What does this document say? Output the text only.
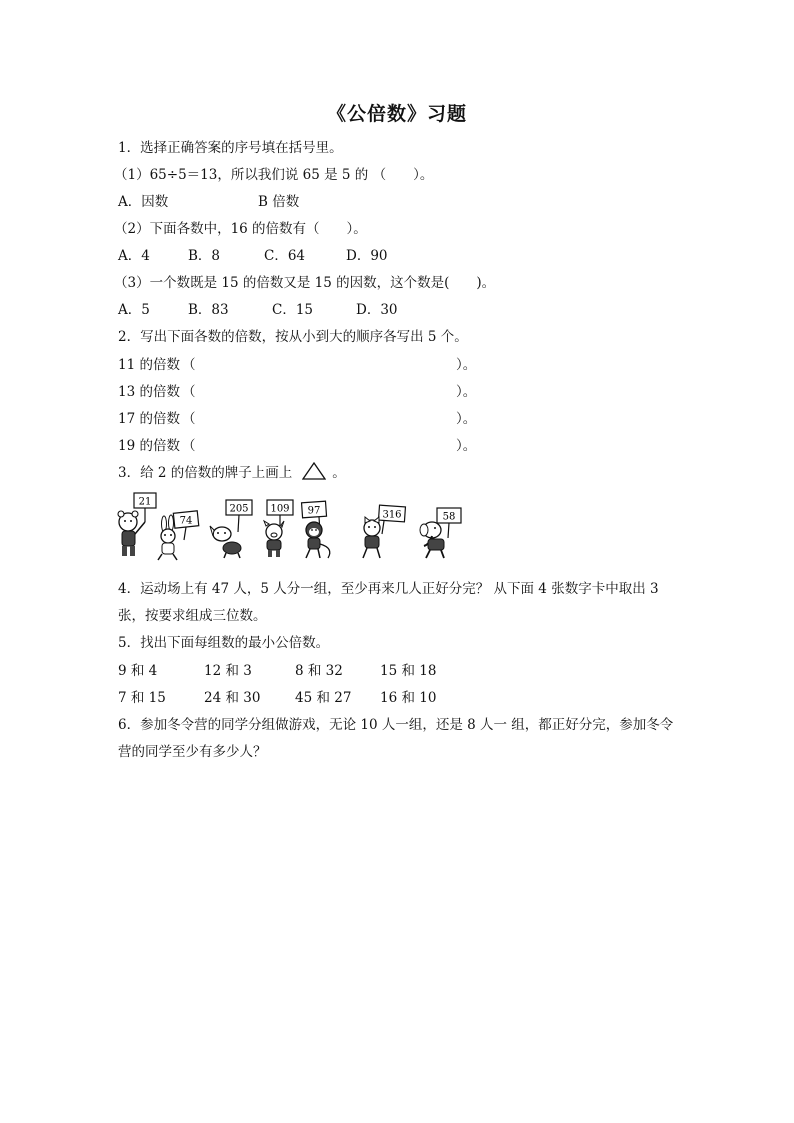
《公倍数》习题
1．选择正确答案的序号填在括号里。
（1）65÷5＝13，所以我们说 65 是 5 的 （　　）。
A．因数	B 倍数
（2）下面各数中，16 的倍数有（　　）。
A．4	B．8	C．64	D．90
（3）一个数既是 15 的倍数又是 15 的因数，这个数是(　　)。
A．5	B．83	C．15	D．30
2．写出下面各数的倍数，按从小到大的顺序各写出 5 个。
11 的倍数 （	）。
13 的倍数 （	）。
17 的倍数 （	）。
19 的倍数 （	）。
3．给 2 的倍数的牌子上画上	。
21
74
205 109 97	316	58
4．运动场上有 47 人，5 人分一组，至少再来几人正好分完？ 从下面 4 张数字卡中取出 3 张，按要求组成三位数。
5．找出下面每组数的最小公倍数。
9 和 4	12 和 3	8 和 32	15 和 18
7 和 15	24 和 30	45 和 27 16 和 10
6．参加冬令营的同学分组做游戏，无论 10 人一组，还是 8 人一 组，都正好分完，参加冬令营的同学至少有多少人？
